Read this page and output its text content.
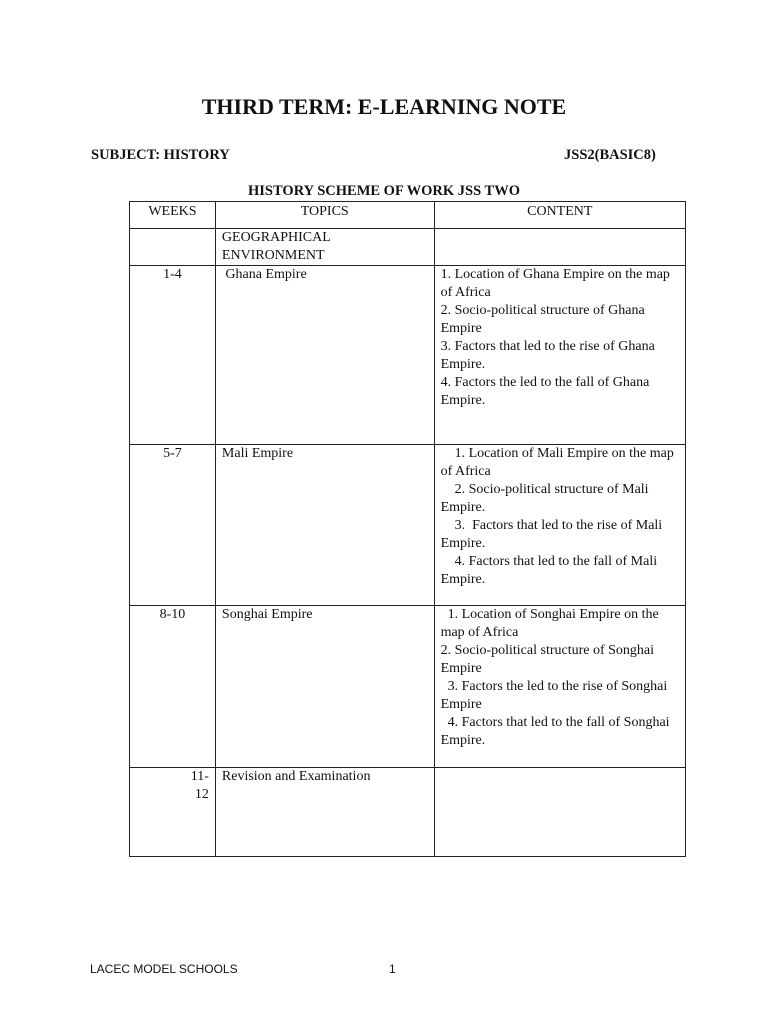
THIRD TERM: E-LEARNING NOTE
SUBJECT: HISTORY	JSS2(BASIC8)
HISTORY SCHEME OF WORK JSS TWO
WEEKS	TOPICS	CONTENT

	GEOGRAPHICAL
ENVIRONMENT	

1-4	Ghana Empire	1. Location of Ghana Empire on the map of Africa
2. Socio-political structure of Ghana Empire
3. Factors that led to the rise of Ghana Empire.
4. Factors the led to the fall of Ghana Empire.

5-7	Mali Empire	1. Location of Mali Empire on the map of Africa
2. Socio-political structure of Mali Empire.
3.  Factors that led to the rise of Mali Empire.
4. Factors that led to the fall of Mali Empire.

8-10	Songhai Empire	1. Location of Songhai Empire on the map of Africa
2. Socio-political structure of Songhai Empire
3. Factors the led to the rise of Songhai Empire
4. Factors that led to the fall of Songhai Empire.

11-12	Revision and Examination	
LACEC MODEL SCHOOLS	1
